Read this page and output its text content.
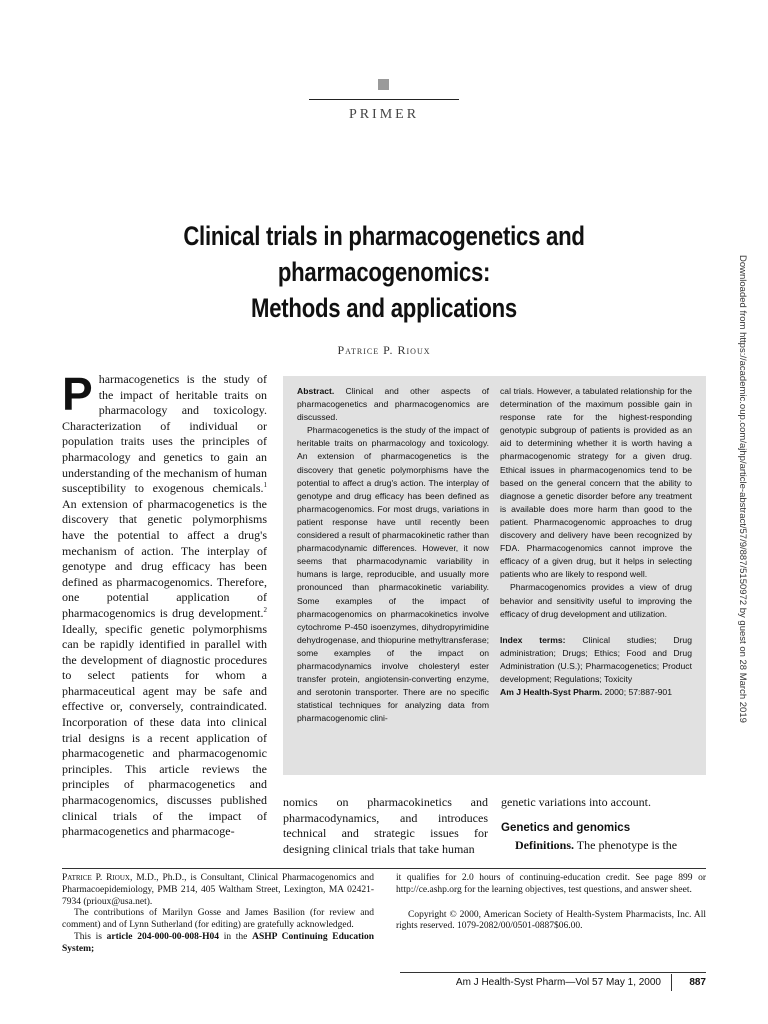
PRIMER
Clinical trials in pharmacogenetics and
pharmacogenomics:
Methods and applications
Patrice P. Rioux	Downloaded from https://academic.oup.com/ajhp/article-abstract/57/9/887/5150972 by guest on 28 March 2019
Pharmacogenetics is the study of the impact of heritable traits on pharmacology and toxicology. Characterization of individual or population traits uses the principles of pharmacology and genetics to gain an understanding of the mechanism of human susceptibility to exogenous chemicals.$^1$ An extension of pharmacogenetics is the discovery that genetic polymorphisms have the potential to affect a drug's mechanism of action. The interplay of genotype and drug efficacy has been defined as pharmacogenomics. Therefore, one potential application of pharmacogenomics is drug development.$^2$ Ideally, specific genetic polymorphisms can be rapidly identified in parallel with the development of diagnostic procedures to select patients for whom a pharmaceutical agent may be safe and effective or, conversely, contraindicated. Incorporation of these data into clinical trial designs is a recent application of pharmacogenetic and pharmacogenomic principles. This article reviews the principles of pharmacogenetics and pharmacogenomics, discusses published clinical trials of the impact of pharmacogenetics and pharmacoge-

Abstract. Clinical and other aspects of pharmacogenetics and pharmacogenomics are discussed.

Pharmacogenetics is the study of the impact of heritable traits on pharmacology and toxicology. An extension of pharmacogenetics is the discovery that genetic polymorphisms have the potential to affect a drug's action. The interplay of genotype and drug efficacy has been defined as pharmacogenomics. For most drugs, variations in patient response have until recently been considered a result of pharmacokinetic rather than pharmacodynamic differences. However, it now seems that pharmacodynamic variability in humans is large, reproducible, and usually more pronounced than pharmacokinetic variability. Some examples of the impact of pharmacogenomics on pharmacokinetics involve cytochrome P-450 isoenzymes, dihydropyrimidine dehydrogenase, and thiopurine methyltransferase; some examples of the impact on pharmacodynamics involve cholesteryl ester transfer protein, angiotensin-converting enzyme, and serotonin transporter. There are no specific statistical techniques for analyzing data from pharmacogenomic clini-

cal trials. However, a tabulated relationship for the determination of the maximum possible gain in response rate for the highest-responding genotypic subgroup of patients is provided as an aid to determining whether it is worth having a pharmacogenomic strategy for a given drug. Ethical issues in pharmacogenomics tend to be based on the general concern that the ability to diagnose a genetic disorder before any treatment is available does more harm than good to the patient. Pharmacogenomic approaches to drug discovery and delivery have been recognized by FDA. Pharmacogenomics cannot improve the efficacy of a given drug, but it helps in selecting patients who are likely to respond well.

Pharmacogenomics provides a view of drug behavior and sensitivity useful to improving the efficacy of drug development and utilization.

Index terms: Clinical studies; Drug administration; Drugs; Ethics; Food and Drug Administration (U.S.); Pharmacogenetics; Product development; Regulations; Toxicity

Am J Health-Syst Pharm. 2000; 57:887-901

nomics on pharmacokinetics and pharmacodynamics, and introduces technical and strategic issues for designing clinical trials that take human
genetic variations into account.
Genetics and genomics

Definitions. The phenotype is the

Patrice P. Rioux, M.D., Ph.D., is Consultant, Clinical Pharmacogenomics and Pharmacoepidemiology, PMB 214, 405 Waltham Street, Lexington, MA 02421-7934 (prioux@usa.net).

The contributions of Marilyn Gosse and James Basilion (for review and comment) and of Lynn Sutherland (for editing) are gratefully acknowledged.

This is article 204-000-00-008-H04 in the ASHP Continuing Education System;

it qualifies for 2.0 hours of continuing-education credit. See page 899 or http://ce.ashp.org for the learning objectives, test questions, and answer sheet.

Copyright © 2000, American Society of Health-System Pharmacists, Inc. All rights reserved. 1079-2082/00/0501-0887$06.00.

Am J Health-Syst Pharm—Vol 57 May 1, 2000	887
